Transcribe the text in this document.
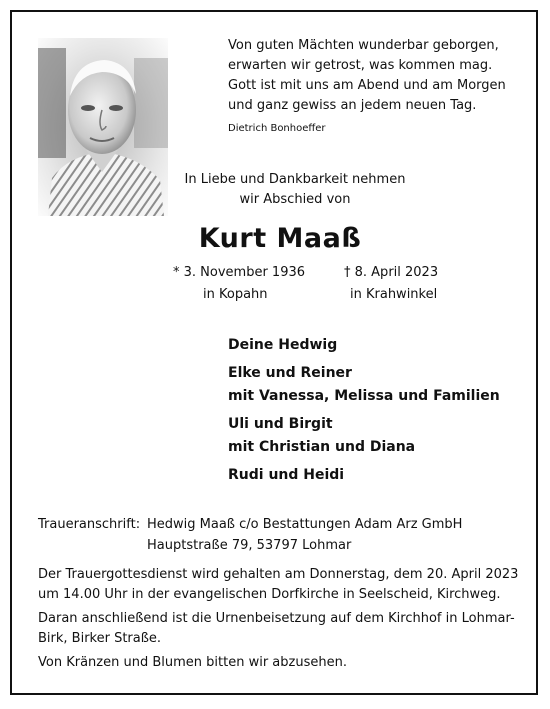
Von guten Mächten wunderbar geborgen,
erwarten wir getrost, was kommen mag.
Gott ist mit uns am Abend und am Morgen
und ganz gewiss an jedem neuen Tag.
Dietrich Bonhoeffer
In Liebe und Dankbarkeit nehmen
wir Abschied von
Kurt Maaß
* 3. November 1936
in Kopahn
† 8. April 2023
in Krahwinkel
Deine Hedwig
Elke und Reiner
mit Vanessa, Melissa und Familien
Uli und Birgit
mit Christian und Diana
Rudi und Heidi
Traueranschrift: Hedwig Maaß c/o Bestattungen Adam Arz GmbH
Hauptstraße 79, 53797 Lohmar

Der Trauergottesdienst wird gehalten am Donnerstag, dem 20. April 2023 um 14.00 Uhr in der evangelischen Dorfkirche in Seelscheid, Kirchweg.

Daran anschließend ist die Urnenbeisetzung auf dem Kirchhof in Lohmar-Birk, Birker Straße.

Von Kränzen und Blumen bitten wir abzusehen.
